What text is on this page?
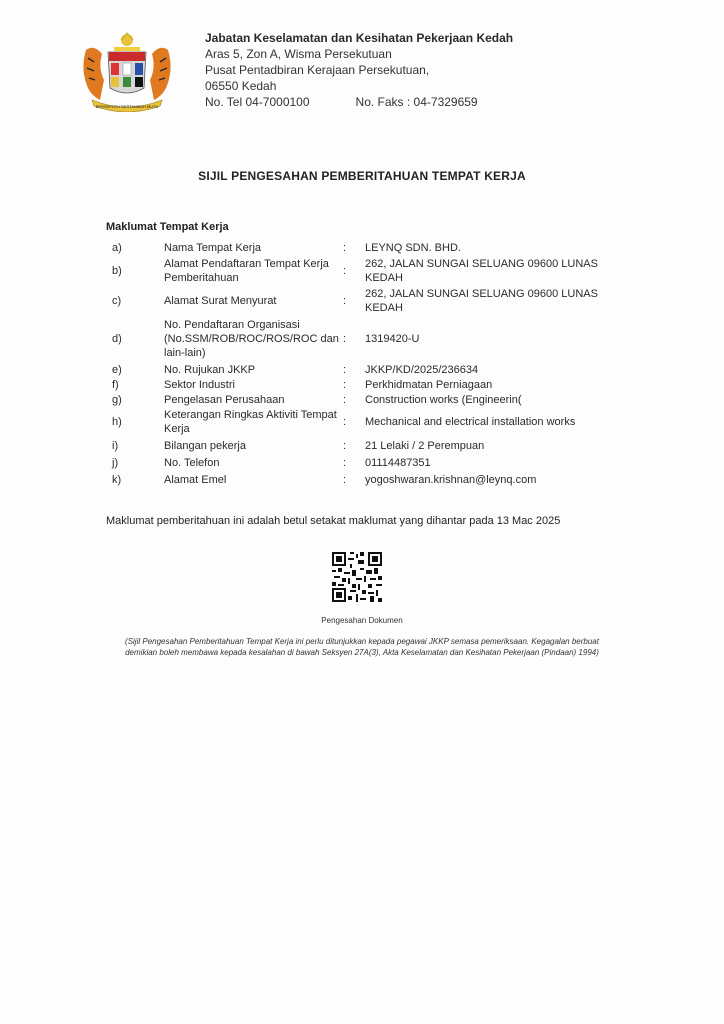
BERSEKUTU BERTAMBAH MUTU
Jabatan Keselamatan dan Kesihatan Pekerjaan Kedah
Aras 5, Zon A, Wisma Persekutuan
Pusat Pentadbiran Kerajaan Persekutuan,
06550 Kedah
No. Tel 04-7000100	No. Faks : 04-7329659
SIJIL PENGESAHAN PEMBERITAHUAN TEMPAT KERJA
Maklumat Tempat Kerja
a)	Nama Tempat Kerja	:	LEYNQ SDN. BHD.
b)	Alamat Pendaftaran Tempat Kerja Pemberitahuan	:	262, JALAN SUNGAI SELUANG 09600 LUNAS KEDAH
c)	Alamat Surat Menyurat	:	262, JALAN SUNGAI SELUANG 09600 LUNAS KEDAH
d)	No. Pendaftaran Organisasi (No.SSM/ROB/ROC/ROS/ROC dan lain-lain)	:	1319420-U
e)	No. Rujukan JKKP	:	JKKP/KD/2025/236634
f)	Sektor Industri	:	Perkhidmatan Perniagaan
g)	Pengelasan Perusahaan	:	Construction works (Engineerin(
h)	Keterangan Ringkas Aktiviti Tempat Kerja	:	Mechanical and electrical installation works
i)	Bilangan pekerja	:	21 Lelaki / 2 Perempuan
j)	No. Telefon	:	01114487351
k)	Alamat Emel	:	yogoshwaran.krishnan@leynq.com
Maklumat pemberitahuan ini adalah betul setakat maklumat yang dihantar pada 13 Mac 2025
Pengesahan Dokumen
(Sijil Pengesahan Pemberitahuan Tempat Kerja ini perlu ditunjukkan kepada pegawai JKKP semasa pemeriksaan. Kegagalan berbuat demikian boleh membawa kepada kesalahan di bawah Seksyen 27A(3), Akta Keselamatan dan Kesihatan Pekerjaan (Pindaan) 1994)
